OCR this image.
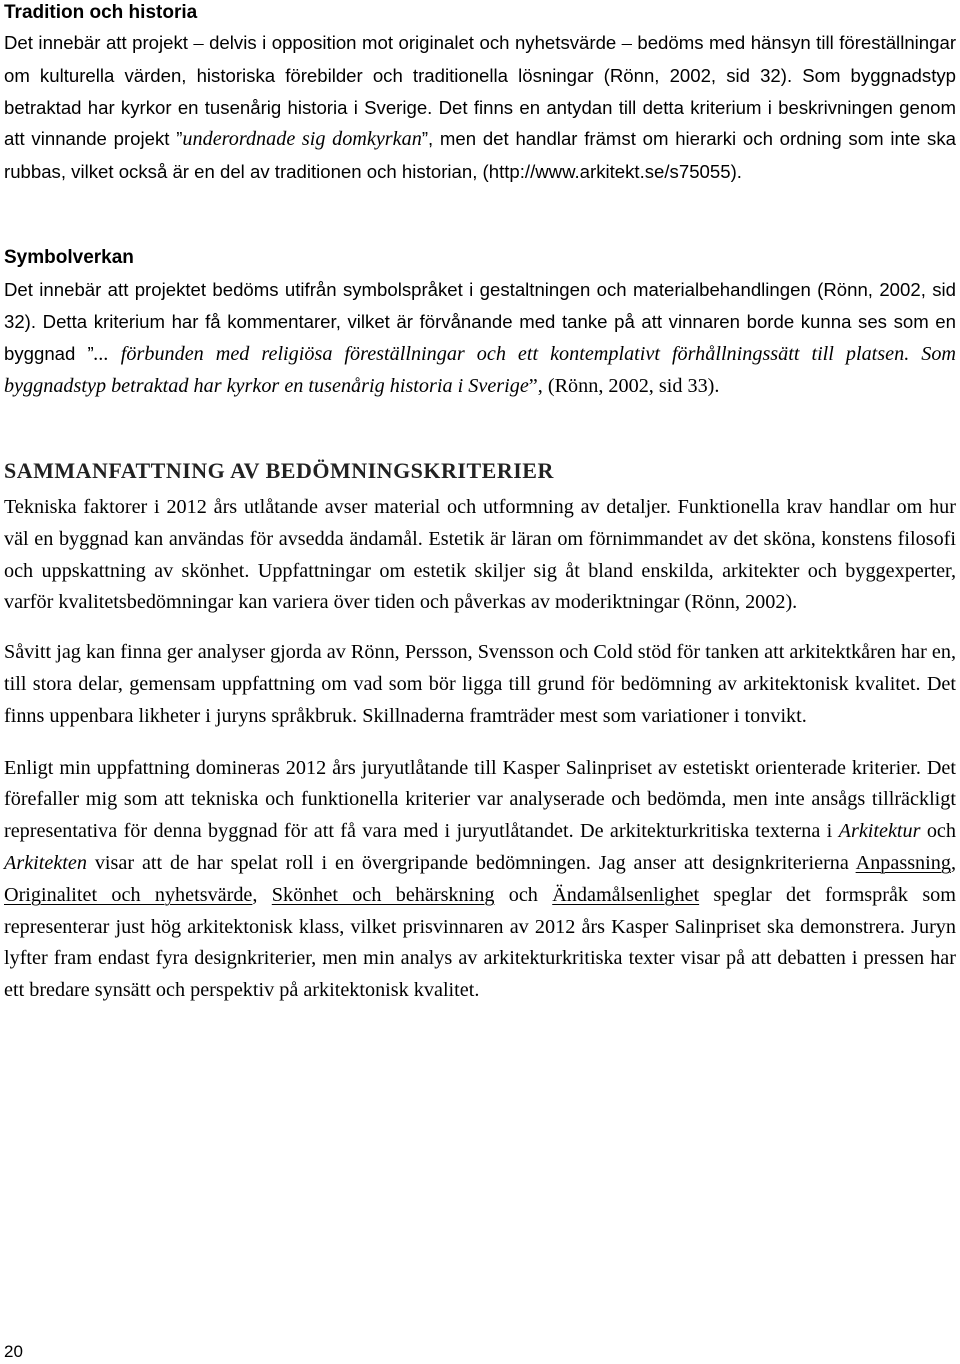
Tradition och historia

Det innebär att projekt – delvis i opposition mot originalet och nyhetsvärde – bedöms med hänsyn till föreställningar om kulturella värden, historiska förebilder och traditionella lösningar (Rönn, 2002, sid 32). Som byggnadstyp betraktad har kyrkor en tusenårig historia i Sverige. Det finns en antydan till detta kriterium i beskrivningen genom att vinnande projekt ”underordnade sig domkyrkan”, men det handlar främst om hierarki och ordning som inte ska rubbas, vilket också är en del av traditionen och historian, (http://www.arkitekt.se/s75055).

Symbolverkan

Det innebär att projektet bedöms utifrån symbolspråket i gestaltningen och materialbehandlingen (Rönn, 2002, sid 32). Detta kriterium har få kommentarer, vilket är förvånande med tanke på att vinnaren borde kunna ses som en byggnad ”... förbunden med religiösa föreställningar och ett kontemplativt förhållningssätt till platsen. Som byggnadstyp betraktad har kyrkor en tusenårig historia i Sverige”, (Rönn, 2002, sid 33).

SAMMANFATTNING AV BEDÖMNINGSKRITERIER

Tekniska faktorer i 2012 års utlåtande avser material och utformning av detaljer. Funktionella krav handlar om hur väl en byggnad kan användas för avsedda ändamål. Estetik är läran om förnimmandet av det sköna, konstens filosofi och uppskattning av skönhet. Uppfattningar om estetik skiljer sig åt bland enskilda, arkitekter och byggexperter, varför kvalitetsbedömningar kan variera över tiden och påverkas av moderiktningar (Rönn, 2002).

Såvitt jag kan finna ger analyser gjorda av Rönn, Persson, Svensson och Cold stöd för tanken att arkitektkåren har en, till stora delar, gemensam uppfattning om vad som bör ligga till grund för bedömning av arkitektonisk kvalitet. Det finns uppenbara likheter i juryns språkbruk. Skillnaderna framträder mest som variationer i tonvikt.

Enligt min uppfattning domineras 2012 års juryutlåtande till Kasper Salinpriset av estetiskt orienterade kriterier. Det förefaller mig som att tekniska och funktionella kriterier var analyserade och bedömda, men inte ansågs tillräckligt representativa för denna byggnad för att få vara med i juryutlåtandet. De arkitekturkritiska texterna i Arkitektur och Arkitekten visar att de har spelat roll i en övergripande bedömningen. Jag anser att designkriterierna Anpassning, Originalitet och nyhetsvärde, Skönhet och behärskning och Ändamålsenlighet speglar det formspråk som representerar just hög arkitektonisk klass, vilket prisvinnaren av 2012 års Kasper Salinpriset ska demonstrera. Juryn lyfter fram endast fyra designkriterier, men min analys av arkitekturkritiska texter visar på att debatten i pressen har ett bredare synsätt och perspektiv på arkitektonisk kvalitet.

20
